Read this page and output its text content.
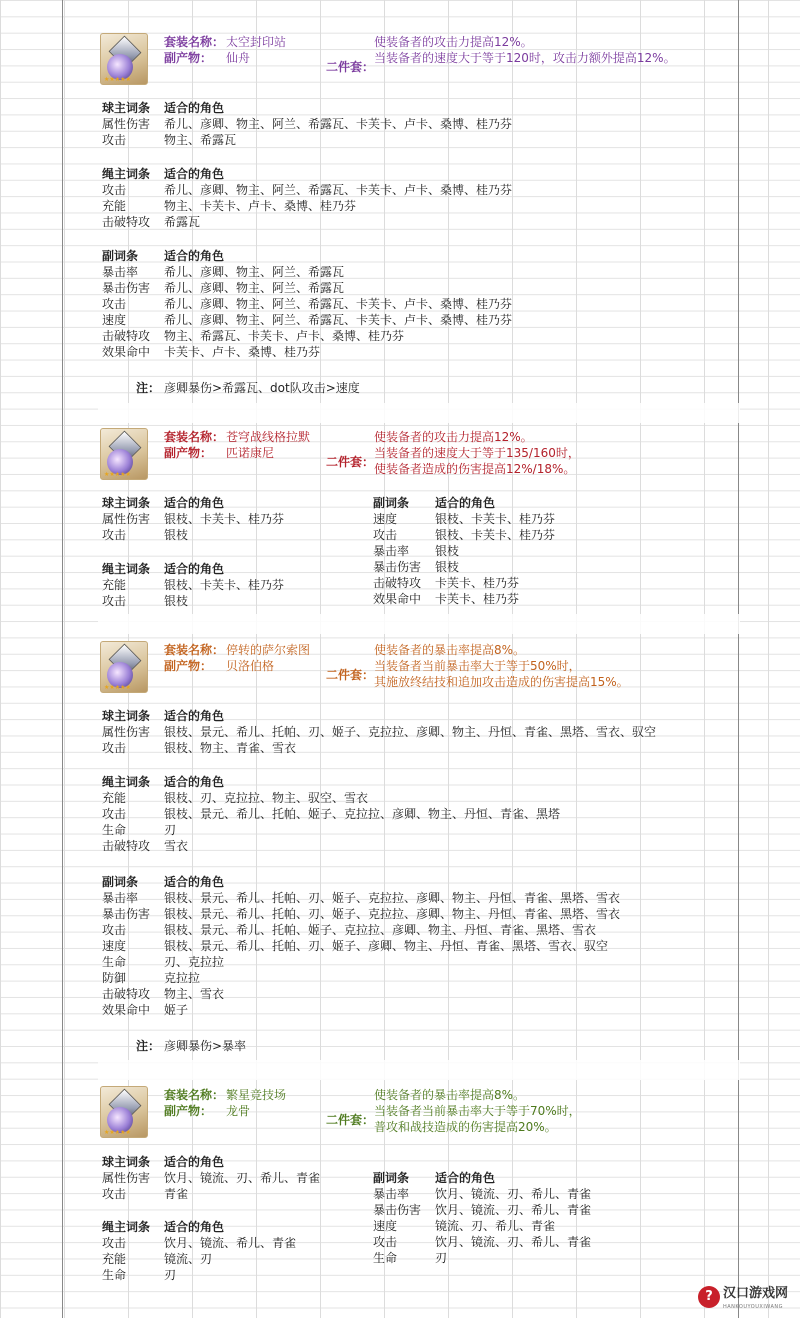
★★★★★
套装名称： 太空封印站
副产物： 仙舟
二件套：
使装备者的攻击力提高12%。
当装备者的速度大于等于120时，攻击力额外提高12%。
球主词条 适合的角色
属性伤害 希儿、彦卿、物主、阿兰、希露瓦、卡芙卡、卢卡、桑博、桂乃芬
攻击	物主、希露瓦
绳主词条 适合的角色
攻击	希儿、彦卿、物主、阿兰、希露瓦、卡芙卡、卢卡、桑博、桂乃芬
充能	物主、卡芙卡、卢卡、桑博、桂乃芬
击破特攻 希露瓦
副词条 适合的角色
暴击率 希儿、彦卿、物主、阿兰、希露瓦
暴击伤害 希儿、彦卿、物主、阿兰、希露瓦
攻击	希儿、彦卿、物主、阿兰、希露瓦、卡芙卡、卢卡、桑博、桂乃芬
速度	希儿、彦卿、物主、阿兰、希露瓦、卡芙卡、卢卡、桑博、桂乃芬
击破特攻 物主、希露瓦、卡芙卡、卢卡、桑博、桂乃芬
效果命中 卡芙卡、卢卡、桑博、桂乃芬
注： 彦卿暴伤>希露瓦、dot队攻击>速度
★★★★★
套装名称： 苍穹战线格拉默
副产物： 匹诺康尼
二件套：
使装备者的攻击力提高12%。
当装备者的速度大于等于135/160时，
使装备者造成的伤害提高12%/18%。
球主词条 适合的角色
属性伤害 银枝、卡芙卡、桂乃芬
攻击	银枝
绳主词条 适合的角色
充能	银枝、卡芙卡、桂乃芬
攻击	银枝
副词条 适合的角色
速度	银枝、卡芙卡、桂乃芬
攻击	银枝、卡芙卡、桂乃芬
暴击率 银枝
暴击伤害 银枝
击破特攻 卡芙卡、桂乃芬
效果命中 卡芙卡、桂乃芬
★★★★★
套装名称： 停转的萨尔索图
副产物： 贝洛伯格
二件套：
使装备者的暴击率提高8%。
当装备者当前暴击率大于等于50%时，
其施放终结技和追加攻击造成的伤害提高15%。
球主词条 适合的角色
属性伤害 银枝、景元、希儿、托帕、刃、姬子、克拉拉、彦卿、物主、丹恒、青雀、黑塔、雪衣、驭空
攻击	银枝、物主、青雀、雪衣
绳主词条 适合的角色
充能	银枝、刃、克拉拉、物主、驭空、雪衣
攻击	银枝、景元、希儿、托帕、姬子、克拉拉、彦卿、物主、丹恒、青雀、黑塔
生命	刃
击破特攻 雪衣
副词条 适合的角色
暴击率 银枝、景元、希儿、托帕、刃、姬子、克拉拉、彦卿、物主、丹恒、青雀、黑塔、雪衣
暴击伤害 银枝、景元、希儿、托帕、刃、姬子、克拉拉、彦卿、物主、丹恒、青雀、黑塔、雪衣
攻击	银枝、景元、希儿、托帕、姬子、克拉拉、彦卿、物主、丹恒、青雀、黑塔、雪衣
速度	银枝、景元、希儿、托帕、刃、姬子、彦卿、物主、丹恒、青雀、黑塔、雪衣、驭空
生命	刃、克拉拉
防御	克拉拉
击破特攻 物主、雪衣
效果命中 姬子
注： 彦卿暴伤>暴率
★★★★★
套装名称： 繁星竞技场
副产物： 龙骨
二件套：
使装备者的暴击率提高8%。
当装备者当前暴击率大于等于70%时，
普攻和战技造成的伤害提高20%。
球主词条 适合的角色
属性伤害 饮月、镜流、刃、希儿、青雀
攻击	青雀
绳主词条 适合的角色
攻击	饮月、镜流、希儿、青雀
充能	镜流、刃
生命	刃
副词条 适合的角色
暴击率 饮月、镜流、刃、希儿、青雀
暴击伤害 饮月、镜流、刃、希儿、青雀
速度	镜流、刃、希儿、青雀
攻击	饮月、镜流、刃、希儿、青雀
生命	刃
? 汉口游戏网
HANKOUYOUXIWANG
